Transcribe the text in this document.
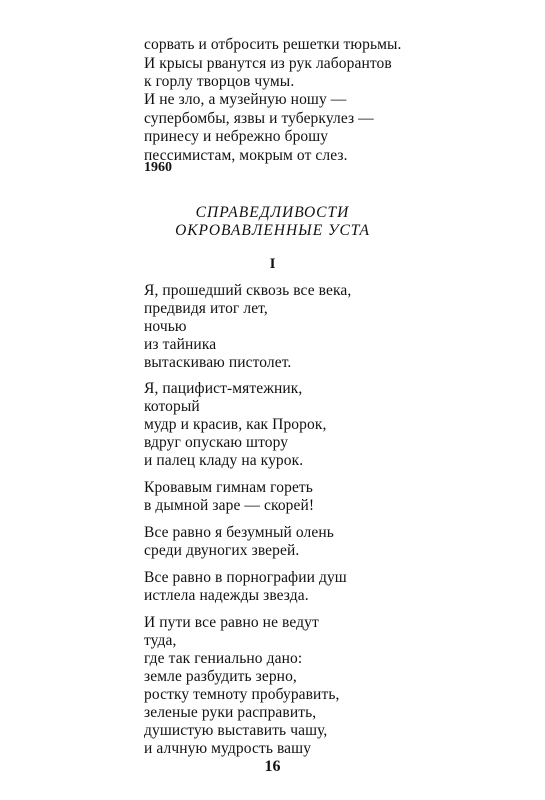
сорвать и отбросить решетки тюрьмы.
И крысы рванутся из рук лаборантов
к горлу творцов чумы.
И не зло, а музейную ношу —
супербомбы, язвы и туберкулез —
принесу и небрежно брошу
пессимистам, мокрым от слез.
1960
СПРАВЕДЛИВОСТИ
ОКРОВАВЛЕННЫЕ УСТА
I
Я, прошедший сквозь все века,
предвидя итог лет,
ночью
из тайника
вытаскиваю пистолет.
Я, пацифист-мятежник,
который
мудр и красив, как Пророк,
вдруг опускаю штору
и палец кладу на курок.
Кровавым гимнам гореть
в дымной заре — скорей!
Все равно я безумный олень
среди двуногих зверей.
Все равно в порнографии душ
истлела надежды звезда.
И пути все равно не ведут
туда,
где так гениально дано:
земле разбудить зерно,
ростку темноту пробуравить,
зеленые руки расправить,
душистую выставить чашу,
и алчную мудрость вашу
16
